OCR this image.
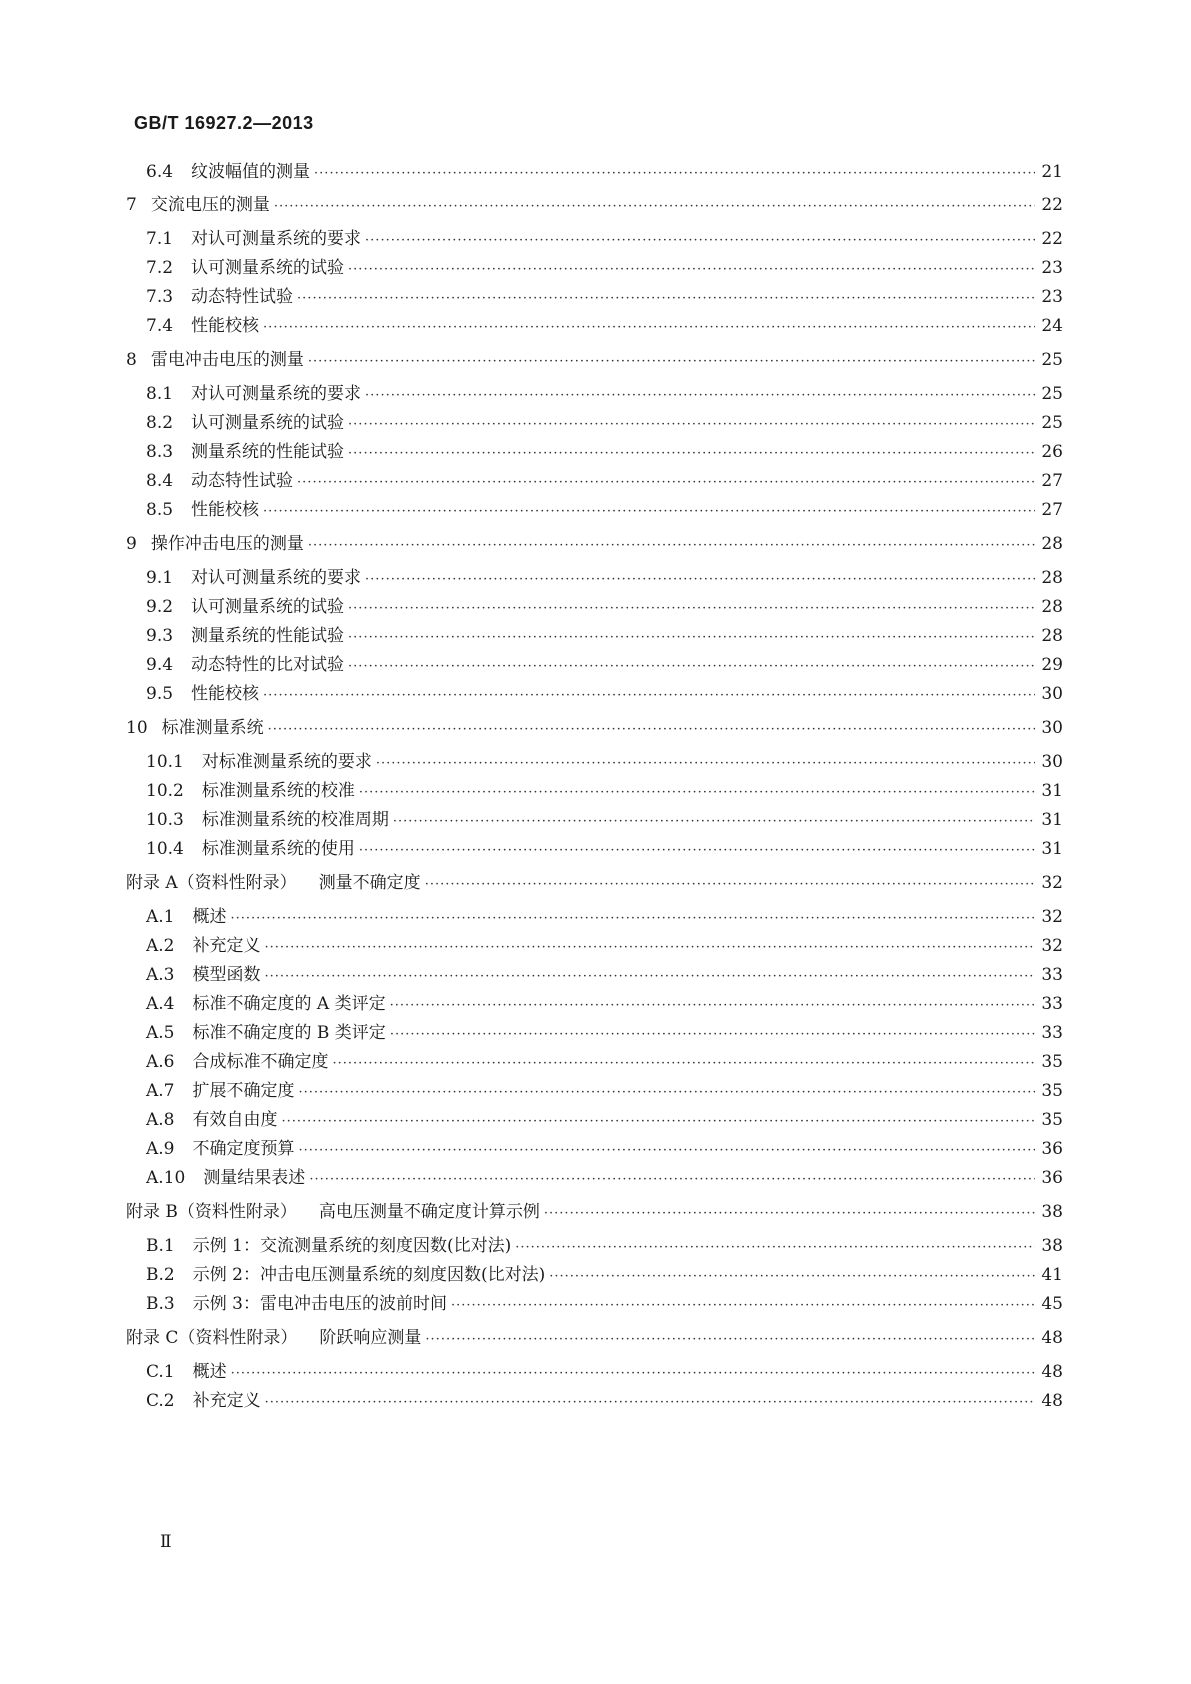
GB/T 16927.2—2013
6.4 纹波幅值的测量 ·····	21
7 交流电压的测量 ·····	22
7.1 对认可测量系统的要求 ·····	22
7.2 认可测量系统的试验 ·····	23
7.3 动态特性试验 ·····	23
7.4 性能校核 ·····	24
8 雷电冲击电压的测量 ·····	25
8.1 对认可测量系统的要求 ·····	25
8.2 认可测量系统的试验 ·····	25
8.3 测量系统的性能试验 ·····	26
8.4 动态特性试验 ·····	27
8.5 性能校核 ·····	27
9 操作冲击电压的测量 ·····	28
9.1 对认可测量系统的要求 ·····	28
9.2 认可测量系统的试验 ·····	28
9.3 测量系统的性能试验 ·····	28
9.4 动态特性的比对试验 ·····	29
9.5 性能校核 ·····	30
10 标准测量系统 ·····	30
10.1 对标准测量系统的要求 ·····	30
10.2 标准测量系统的校准 ·····	31
10.3 标准测量系统的校准周期 ·····	31
10.4 标准测量系统的使用 ·····	31
附录 A（资料性附录） 测量不确定度 ·····	32
A.1 概述 ·····	32
A.2 补充定义 ·····	32
A.3 模型函数 ·····	33
A.4 标准不确定度的 A 类评定 ·····	33
A.5 标准不确定度的 B 类评定 ·····	33
A.6 合成标准不确定度 ·····	35
A.7 扩展不确定度 ·····	35
A.8 有效自由度 ·····	35
A.9 不确定度预算 ·····	36
A.10 测量结果表述 ·····	36
附录 B（资料性附录） 高电压测量不确定度计算示例 ·····	38
B.1 示例 1：交流测量系统的刻度因数(比对法) ·····	38
B.2 示例 2：冲击电压测量系统的刻度因数(比对法) ·····	41
B.3 示例 3：雷电冲击电压的波前时间 ·····	45
附录 C（资料性附录） 阶跃响应测量 ·····	48
C.1 概述 ·····	48
C.2 补充定义 ·····	48
Ⅱ
